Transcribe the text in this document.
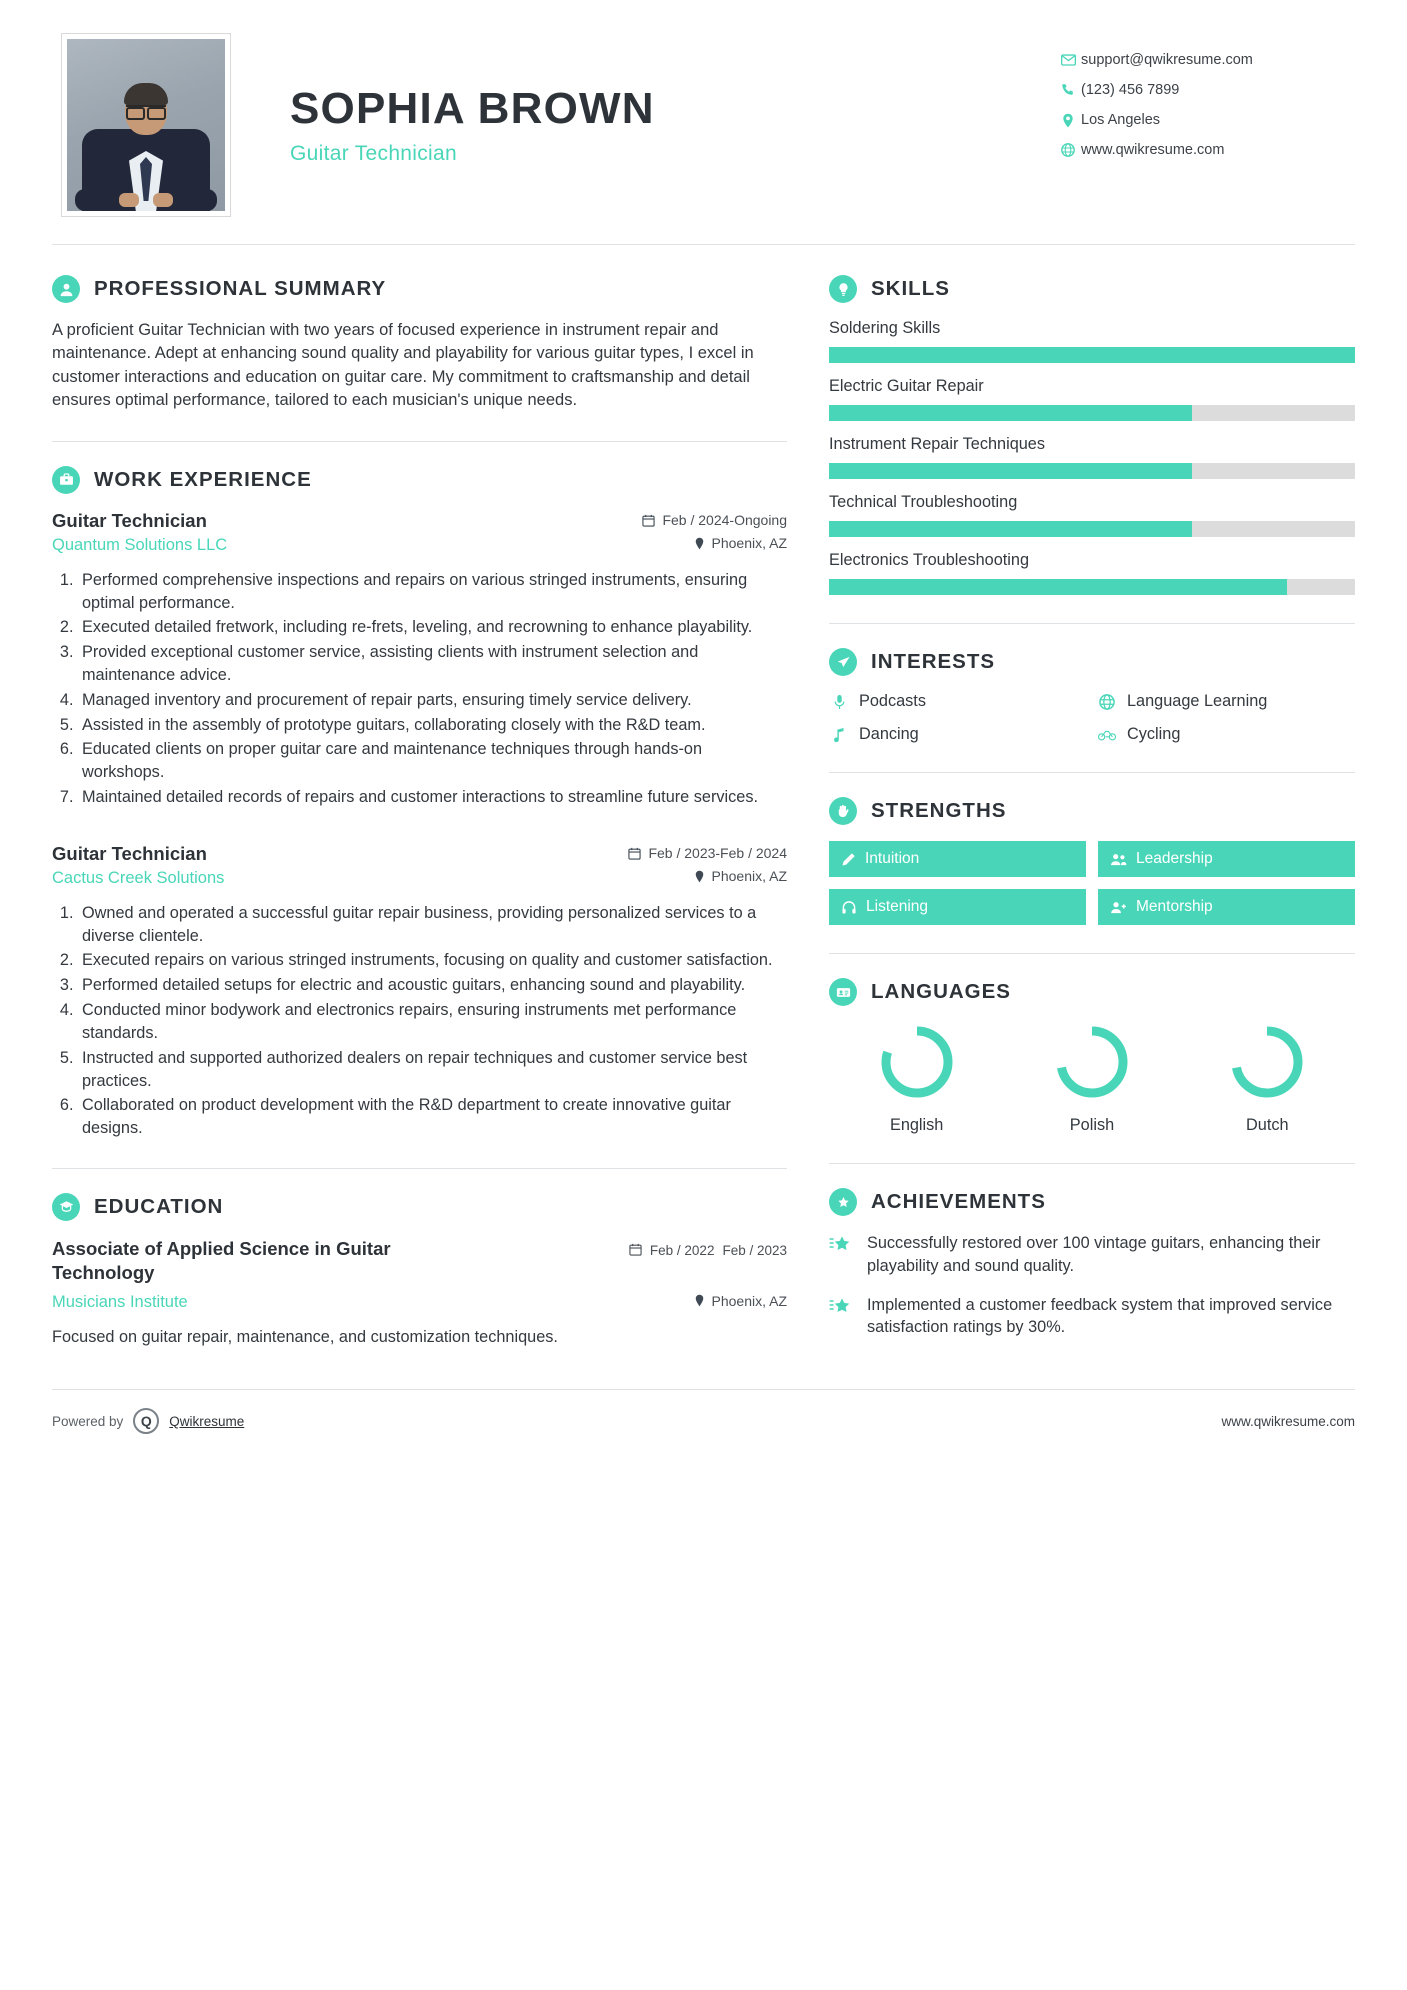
SOPHIA BROWN
Guitar Technician
support@qwikresume.com
(123) 456 7899
Los Angeles
www.qwikresume.com
PROFESSIONAL SUMMARY
A proficient Guitar Technician with two years of focused experience in instrument repair and maintenance. Adept at enhancing sound quality and playability for various guitar types, I excel in customer interactions and education on guitar care. My commitment to craftsmanship and detail ensures optimal performance, tailored to each musician's unique needs.
WORK EXPERIENCE
Guitar Technician	Feb / 2024-Ongoing
Quantum Solutions LLC	Phoenix, AZ
1. Performed comprehensive inspections and repairs on various stringed instruments, ensuring optimal performance.
2. Executed detailed fretwork, including re-frets, leveling, and recrowning to enhance playability.
3. Provided exceptional customer service, assisting clients with instrument selection and maintenance advice.
4. Managed inventory and procurement of repair parts, ensuring timely service delivery.
5. Assisted in the assembly of prototype guitars, collaborating closely with the R&D team.
6. Educated clients on proper guitar care and maintenance techniques through hands-on workshops.
7. Maintained detailed records of repairs and customer interactions to streamline future services.
Guitar Technician	Feb / 2023-Feb / 2024
Cactus Creek Solutions	Phoenix, AZ
1. Owned and operated a successful guitar repair business, providing personalized services to a diverse clientele.
2. Executed repairs on various stringed instruments, focusing on quality and customer satisfaction.
3. Performed detailed setups for electric and acoustic guitars, enhancing sound and playability.
4. Conducted minor bodywork and electronics repairs, ensuring instruments met performance standards.
5. Instructed and supported authorized dealers on repair techniques and customer service best practices.
6. Collaborated on product development with the R&D department to create innovative guitar designs.
EDUCATION
Associate of Applied Science in Guitar Technology
Feb / 2022 Feb / 2023
Musicians Institute	Phoenix, AZ
Focused on guitar repair, maintenance, and customization techniques.
SKILLS
Soldering Skills
Electric Guitar Repair
Instrument Repair Techniques
Technical Troubleshooting
Electronics Troubleshooting
INTERESTS
Podcasts	Language Learning
Dancing	Cycling
STRENGTHS
Intuition	Leadership
Listening	Mentorship
LANGUAGES
English	Polish	Dutch
ACHIEVEMENTS
Successfully restored over 100 vintage guitars, enhancing their playability and sound quality.
Implemented a customer feedback system that improved service satisfaction ratings by 30%.
Powered by Q Qwikresume	www.qwikresume.com
